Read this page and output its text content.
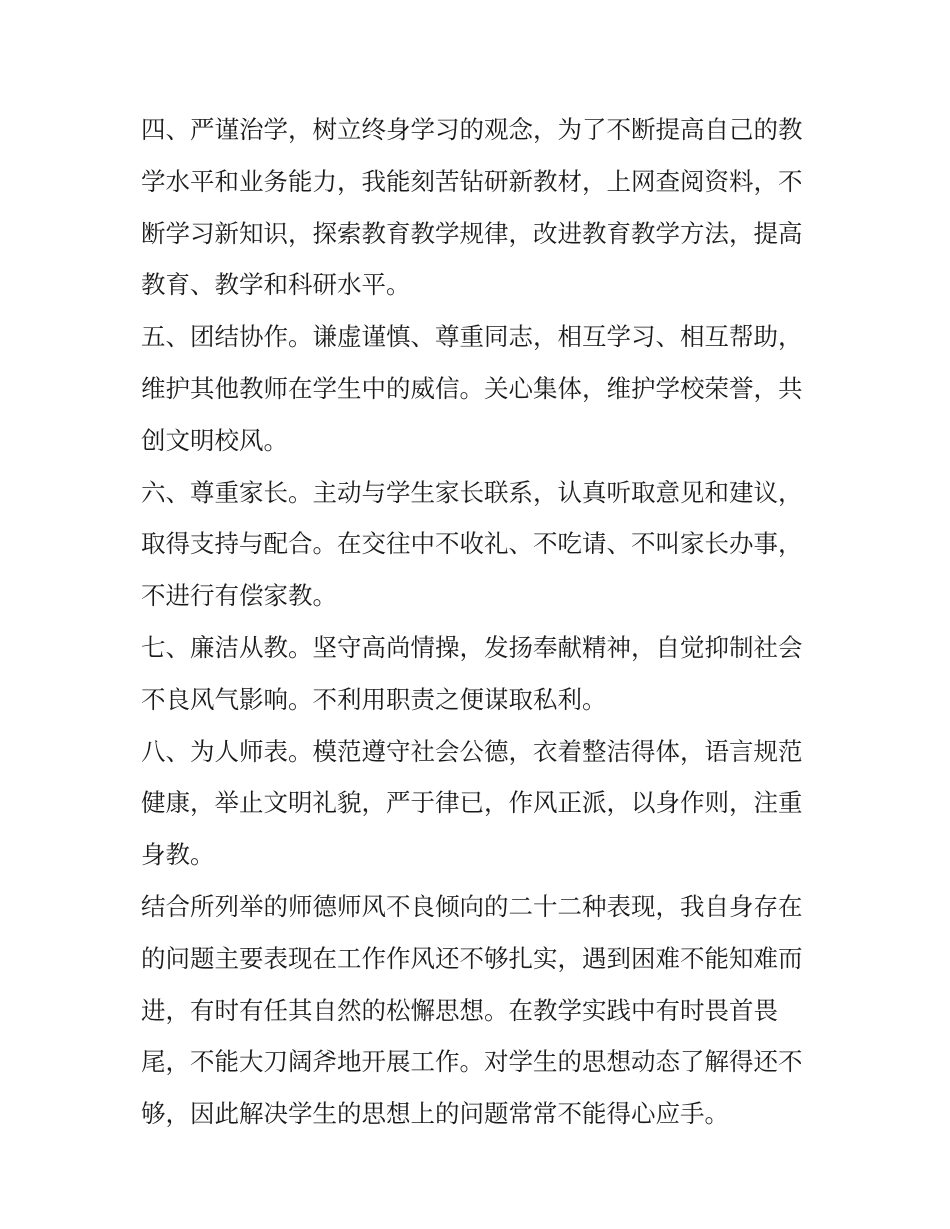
四、严谨治学，树立终身学习的观念，为了不断提高自己的教
学水平和业务能力，我能刻苦钻研新教材，上网查阅资料，不
断学习新知识，探索教育教学规律，改进教育教学方法，提高
教育、教学和科研水平。

五、团结协作。谦虚谨慎、尊重同志，相互学习、相互帮助，
维护其他教师在学生中的威信。关心集体，维护学校荣誉，共
创文明校风。

六、尊重家长。主动与学生家长联系，认真听取意见和建议，
取得支持与配合。在交往中不收礼、不吃请、不叫家长办事，
不进行有偿家教。

七、廉洁从教。坚守高尚情操，发扬奉献精神，自觉抑制社会
不良风气影响。不利用职责之便谋取私利。

八、为人师表。模范遵守社会公德，衣着整洁得体，语言规范
健康，举止文明礼貌，严于律已，作风正派，以身作则，注重
身教。

结合所列举的师德师风不良倾向的二十二种表现，我自身存在
的问题主要表现在工作作风还不够扎实，遇到困难不能知难而
进，有时有任其自然的松懈思想。在教学实践中有时畏首畏
尾，不能大刀阔斧地开展工作。对学生的思想动态了解得还不
够，因此解决学生的思想上的问题常常不能得心应手。
